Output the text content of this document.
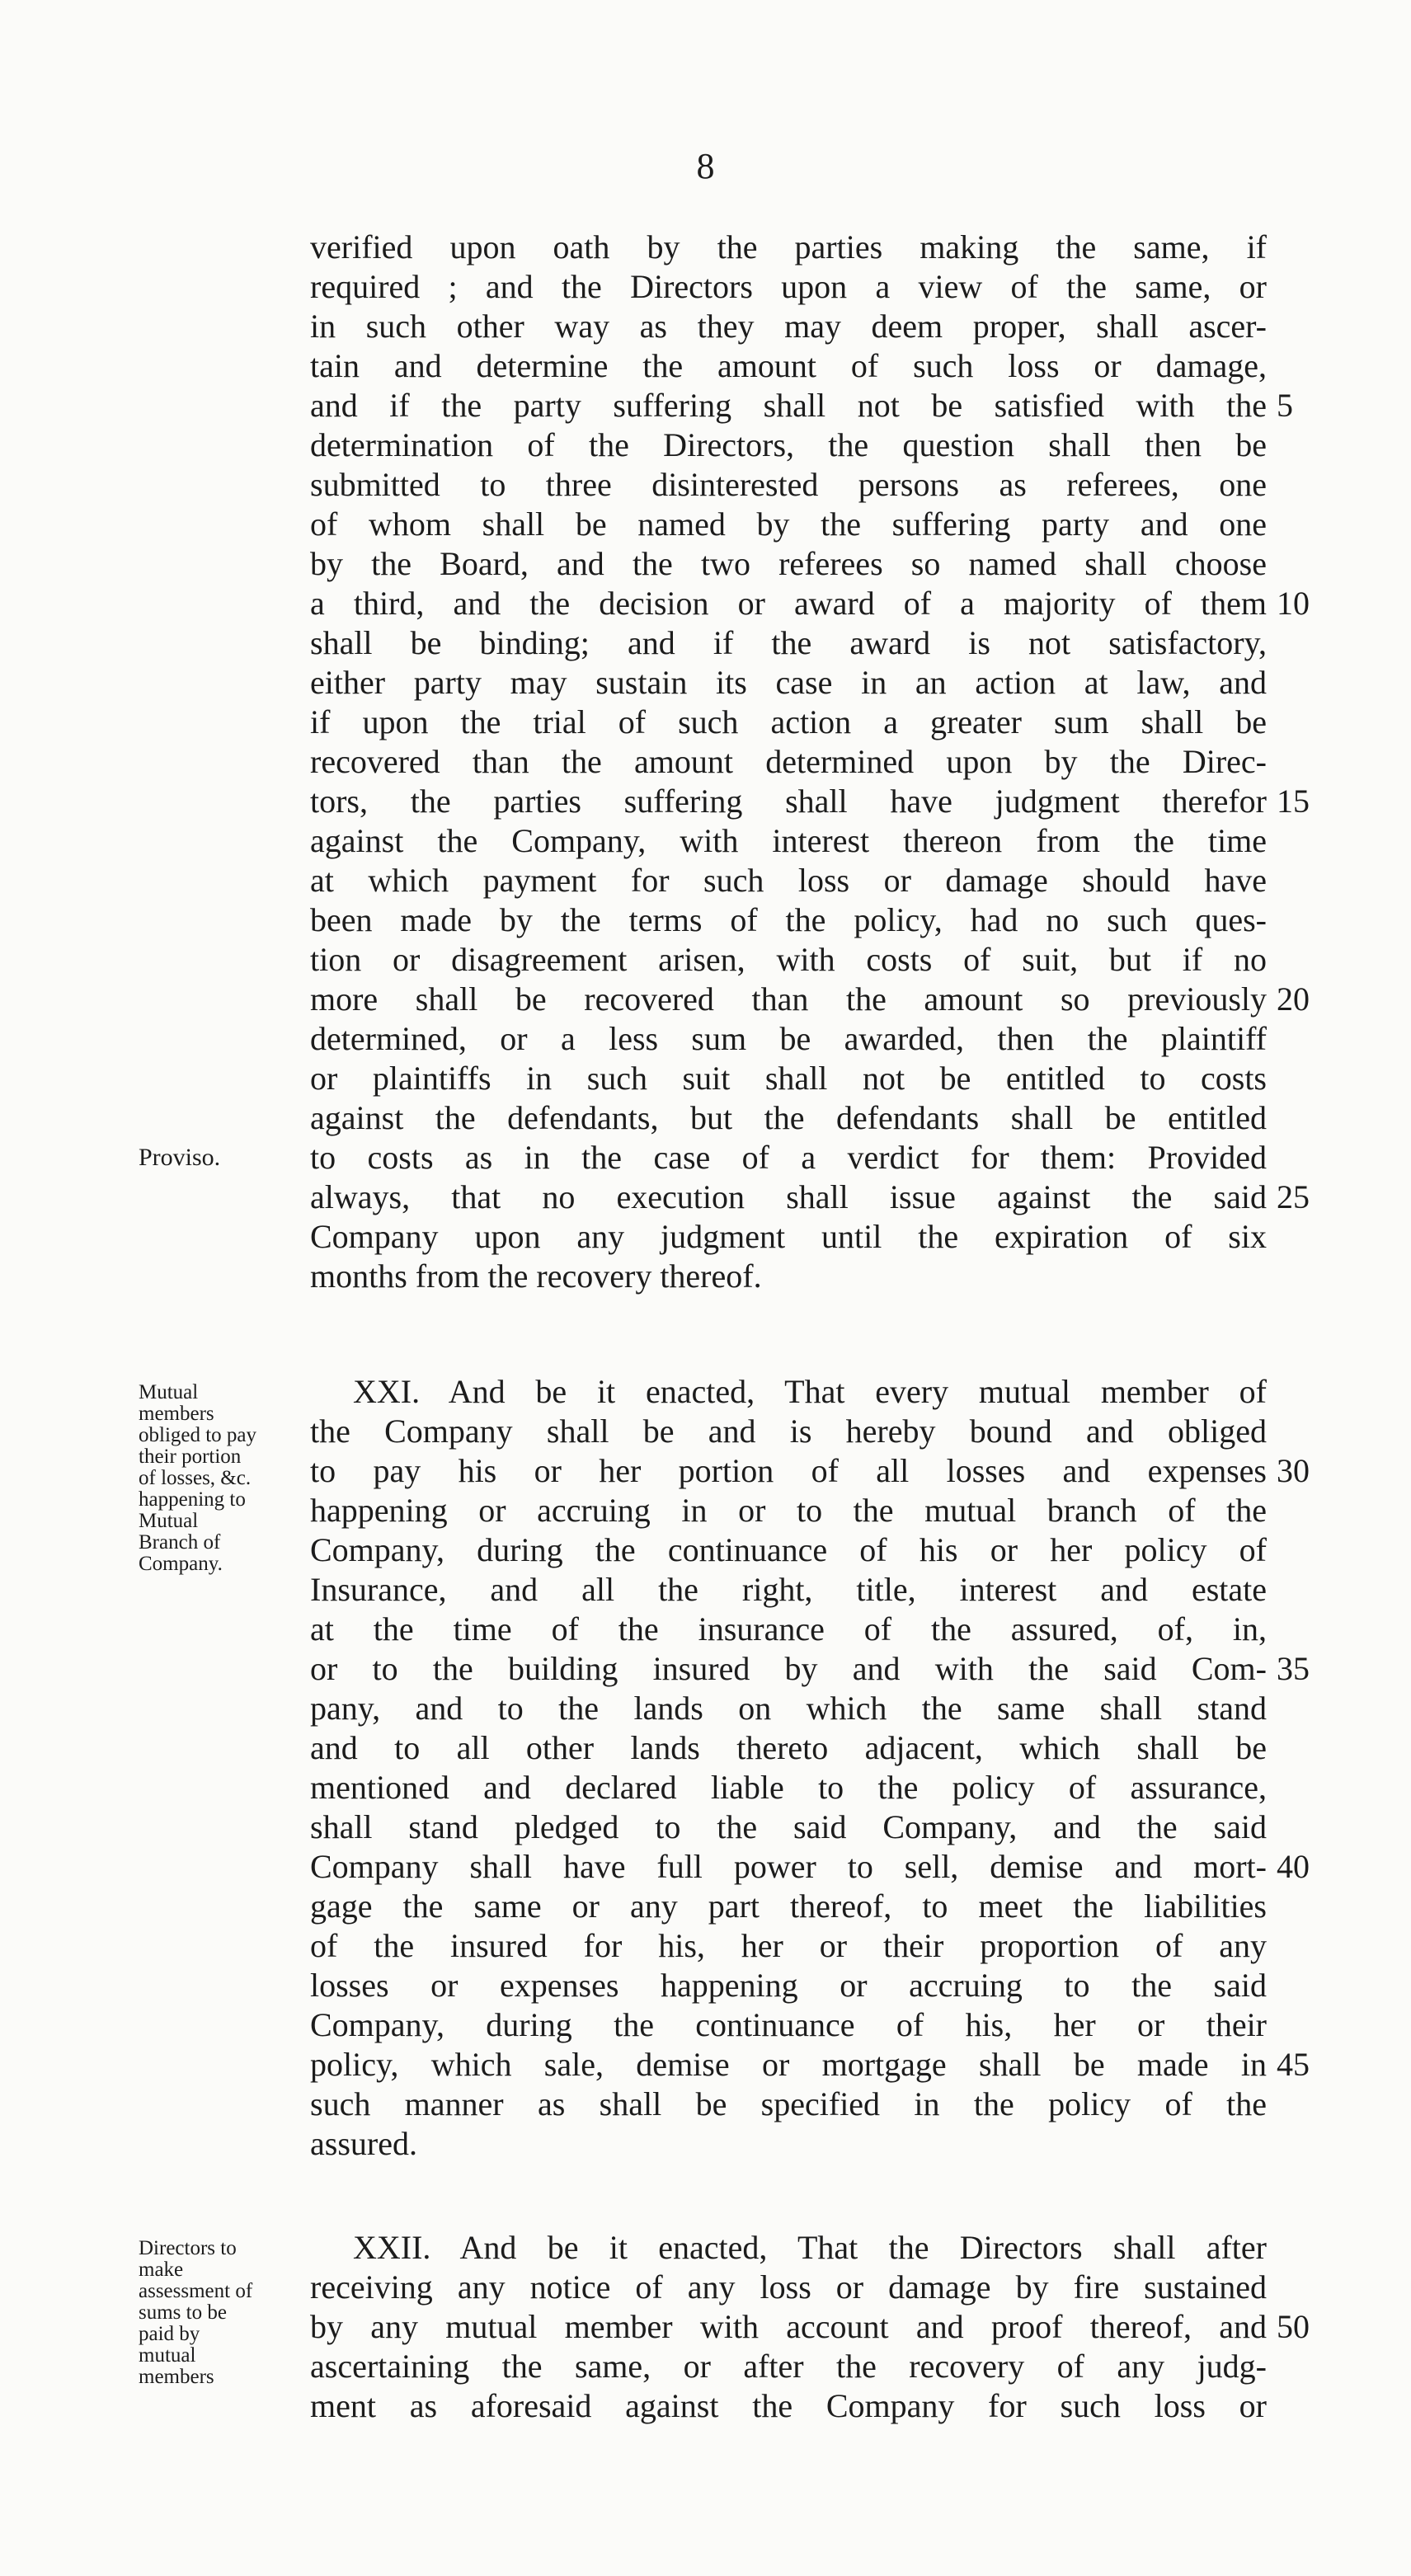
8
verified upon oath by the parties making the same, if
required ; and the Directors upon a view of the same, or
in such other way as they may deem proper, shall ascer-
tain and determine the amount of such loss or damage,
and if the party suffering shall not be satisfied with the 5
determination of the Directors, the question shall then be
submitted to three disinterested persons as referees, one
of whom shall be named by the suffering party and one
by the Board, and the two referees so named shall choose
a third, and the decision or award of a majority of them 10
shall be binding; and if the award is not satisfactory,
either party may sustain its case in an action at law, and
if upon the trial of such action a greater sum shall be
recovered than the amount determined upon by the Direc-
tors, the parties suffering shall have judgment therefor 15
against the Company, with interest thereon from the time
at which payment for such loss or damage should have
been made by the terms of the policy, had no such ques-
tion or disagreement arisen, with costs of suit, but if no
more shall be recovered than the amount so previously 20
determined, or a less sum be awarded, then the plaintiff
or plaintiffs in such suit shall not be entitled to costs
against the defendants, but the defendants shall be entitled
to costs as in the case of a verdict for them: Provided
always, that no execution shall issue against the said 25
Company upon any judgment until the expiration of six
months from the recovery thereof.
Proviso.
XXI. And be it enacted, That every mutual member of
the Company shall be and is hereby bound and obliged
to pay his or her portion of all losses and expenses 30
happening or accruing in or to the mutual branch of the
Company, during the continuance of his or her policy of
Insurance, and all the right, title, interest and estate
at the time of the insurance of the assured, of, in,
or to the building insured by and with the said Com- 35
pany, and to the lands on which the same shall stand
and to all other lands thereto adjacent, which shall be
mentioned and declared liable to the policy of assurance,
shall stand pledged to the said Company, and the said
Company shall have full power to sell, demise and mort- 40
gage the same or any part thereof, to meet the liabilities
of the insured for his, her or their proportion of any
losses or expenses happening or accruing to the said
Company, during the continuance of his, her or their
policy, which sale, demise or mortgage shall be made in 45
such manner as shall be specified in the policy of the
assured.
Mutual
members
obliged to pay
their portion
of losses, &c.
happening to
Mutual
Branch of
Company.
XXII. And be it enacted, That the Directors shall after
receiving any notice of any loss or damage by fire sustained
by any mutual member with account and proof thereof, and 50
ascertaining the same, or after the recovery of any judg-
ment as aforesaid against the Company for such loss or
Directors to
make
assessment of
sums to be
paid by
mutual
members
